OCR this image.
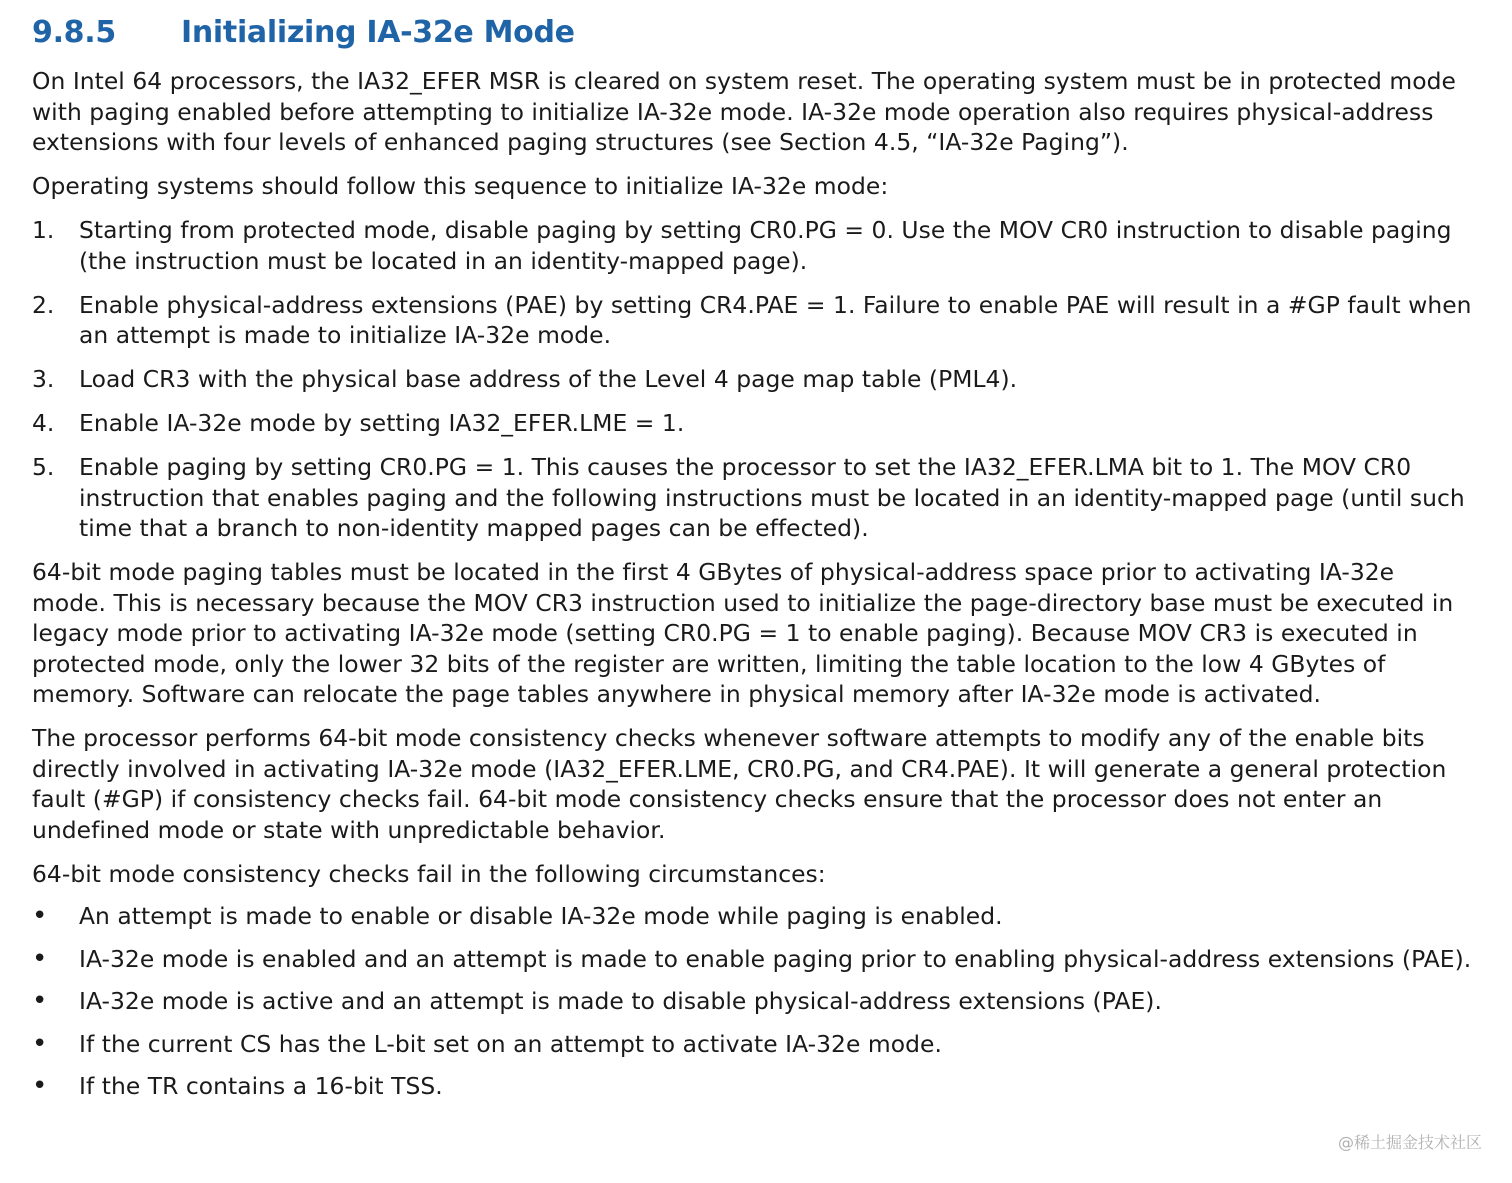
9.8.5 Initializing IA-32e Mode

On Intel 64 processors, the IA32_EFER MSR is cleared on system reset. The operating system must be in protected mode with paging enabled before attempting to initialize IA-32e mode. IA-32e mode operation also requires physical-address extensions with four levels of enhanced paging structures (see Section 4.5, “IA-32e Paging”).

Operating systems should follow this sequence to initialize IA-32e mode:

1. Starting from protected mode, disable paging by setting CR0.PG = 0. Use the MOV CR0 instruction to disable paging (the instruction must be located in an identity-mapped page).

2. Enable physical-address extensions (PAE) by setting CR4.PAE = 1. Failure to enable PAE will result in a #GP fault when an attempt is made to initialize IA-32e mode.

3. Load CR3 with the physical base address of the Level 4 page map table (PML4).

4. Enable IA-32e mode by setting IA32_EFER.LME = 1.

5. Enable paging by setting CR0.PG = 1. This causes the processor to set the IA32_EFER.LMA bit to 1. The MOV CR0 instruction that enables paging and the following instructions must be located in an identity-mapped page (until such time that a branch to non-identity mapped pages can be effected).

64-bit mode paging tables must be located in the first 4 GBytes of physical-address space prior to activating IA-32e mode. This is necessary because the MOV CR3 instruction used to initialize the page-directory base must be executed in legacy mode prior to activating IA-32e mode (setting CR0.PG = 1 to enable paging). Because MOV CR3 is executed in protected mode, only the lower 32 bits of the register are written, limiting the table location to the low 4 GBytes of memory. Software can relocate the page tables anywhere in physical memory after IA-32e mode is activated.

The processor performs 64-bit mode consistency checks whenever software attempts to modify any of the enable bits directly involved in activating IA-32e mode (IA32_EFER.LME, CR0.PG, and CR4.PAE). It will generate a general protection fault (#GP) if consistency checks fail. 64-bit mode consistency checks ensure that the processor does not enter an undefined mode or state with unpredictable behavior.

64-bit mode consistency checks fail in the following circumstances:

• An attempt is made to enable or disable IA-32e mode while paging is enabled.

• IA-32e mode is enabled and an attempt is made to enable paging prior to enabling physical-address extensions (PAE).

• IA-32e mode is active and an attempt is made to disable physical-address extensions (PAE).

• If the current CS has the L-bit set on an attempt to activate IA-32e mode.

• If the TR contains a 16-bit TSS.

@稀土掘金技术社区
